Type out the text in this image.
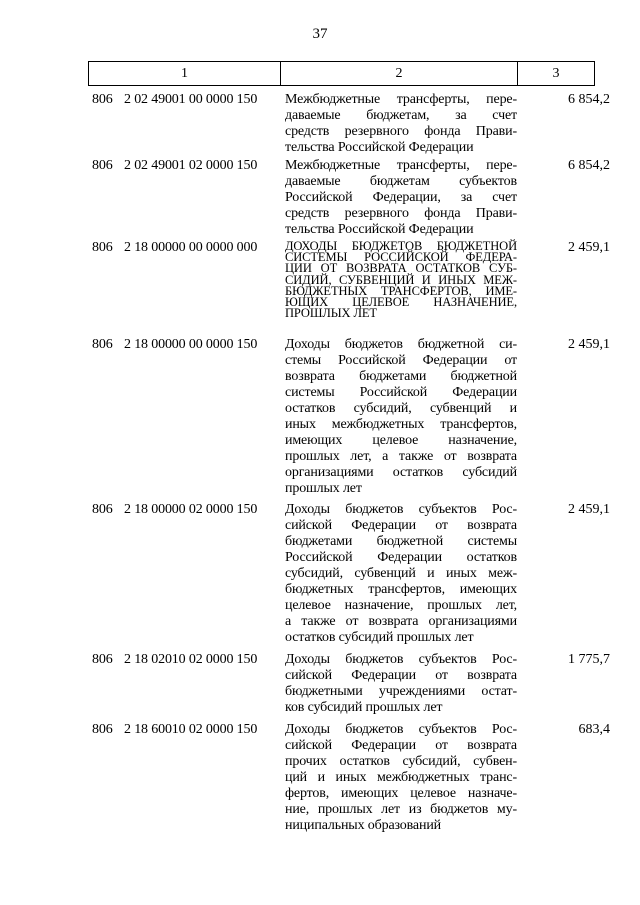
37
1	2	3
806 2 02 49001 00 0000 150	Межбюджетные трансферты, пере-
даваемые бюджетам, за счет
средств резервного фонда Прави-
тельства Российской Федерации
6 854,2
806 2 02 49001 02 0000 150	Межбюджетные трансферты, пере-
даваемые бюджетам субъектов
Российской Федерации, за счет
средств резервного фонда Прави-
тельства Российской Федерации
6 854,2
806 2 18 00000 00 0000 000	ДОХОДЫ БЮДЖЕТОВ БЮДЖЕТНОЙ
СИСТЕМЫ РОССИЙСКОЙ ФЕДЕРА-
ЦИИ ОТ ВОЗВРАТА ОСТАТКОВ СУБ-
СИДИЙ, СУБВЕНЦИЙ И ИНЫХ МЕЖ-
БЮДЖЕТНЫХ ТРАНСФЕРТОВ, ИМЕ-
ЮЩИХ ЦЕЛЕВОЕ НАЗНАЧЕНИЕ,
ПРОШЛЫХ ЛЕТ
2 459,1
806 2 18 00000 00 0000 150	Доходы бюджетов бюджетной си-
стемы Российской Федерации от
возврата бюджетами бюджетной
системы Российской Федерации
остатков субсидий, субвенций и
иных межбюджетных трансфертов,
имеющих целевое назначение,
прошлых лет, а также от возврата
организациями остатков субсидий
прошлых лет
2 459,1
806 2 18 00000 02 0000 150	Доходы бюджетов субъектов Рос-
сийской Федерации от возврата
бюджетами бюджетной системы
Российской Федерации остатков
субсидий, субвенций и иных меж-
бюджетных трансфертов, имеющих
целевое назначение, прошлых лет,
а также от возврата организациями
остатков субсидий прошлых лет
2 459,1
806 2 18 02010 02 0000 150	Доходы бюджетов субъектов Рос-
сийской Федерации от возврата
бюджетными учреждениями остат-
ков субсидий прошлых лет
1 775,7
806 2 18 60010 02 0000 150	Доходы бюджетов субъектов Рос-
сийской Федерации от возврата
прочих остатков субсидий, субвен-
ций и иных межбюджетных транс-
фертов, имеющих целевое назначе-
ние, прошлых лет из бюджетов му-
ниципальных образований
683,4
